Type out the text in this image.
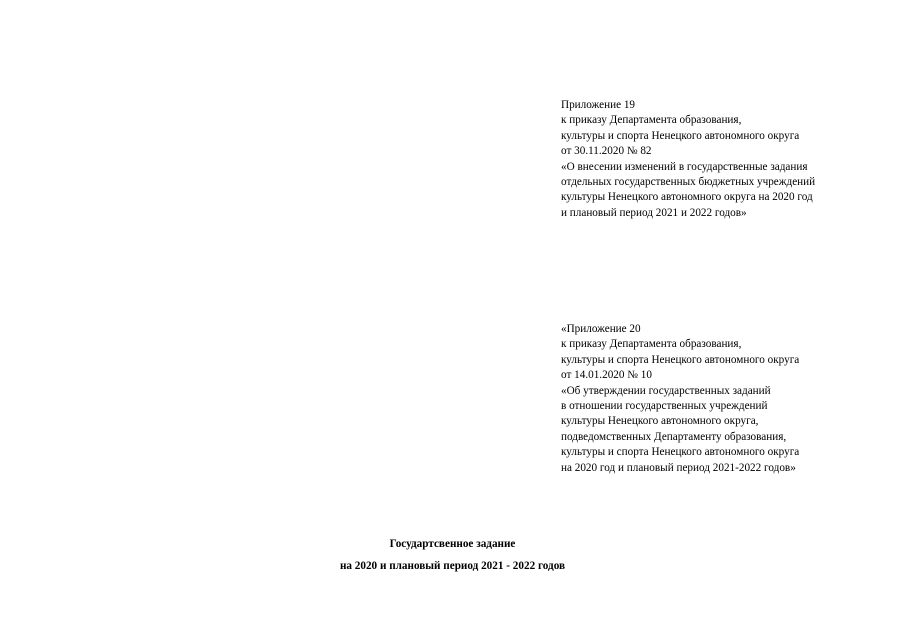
Приложение 19
к приказу Департамента образования,
культуры и спорта Ненецкого автономного округа
от 30.11.2020 № 82
«О внесении изменений в государственные задания
отдельных государственных бюджетных учреждений
культуры Ненецкого автономного округа на 2020 год
и плановый период 2021 и 2022 годов»
«Приложение 20
к приказу Департамента образования,
культуры и спорта Ненецкого автономного округа
от 14.01.2020 № 10
«Об утверждении государственных заданий
в отношении государственных учреждений
культуры Ненецкого автономного округа,
подведомственных Департаменту образования,
культуры и спорта Ненецкого автономного округа
на 2020 год и плановый период 2021-2022 годов»
Государтсвенное задание
на 2020 и плановый период 2021 - 2022 годов
